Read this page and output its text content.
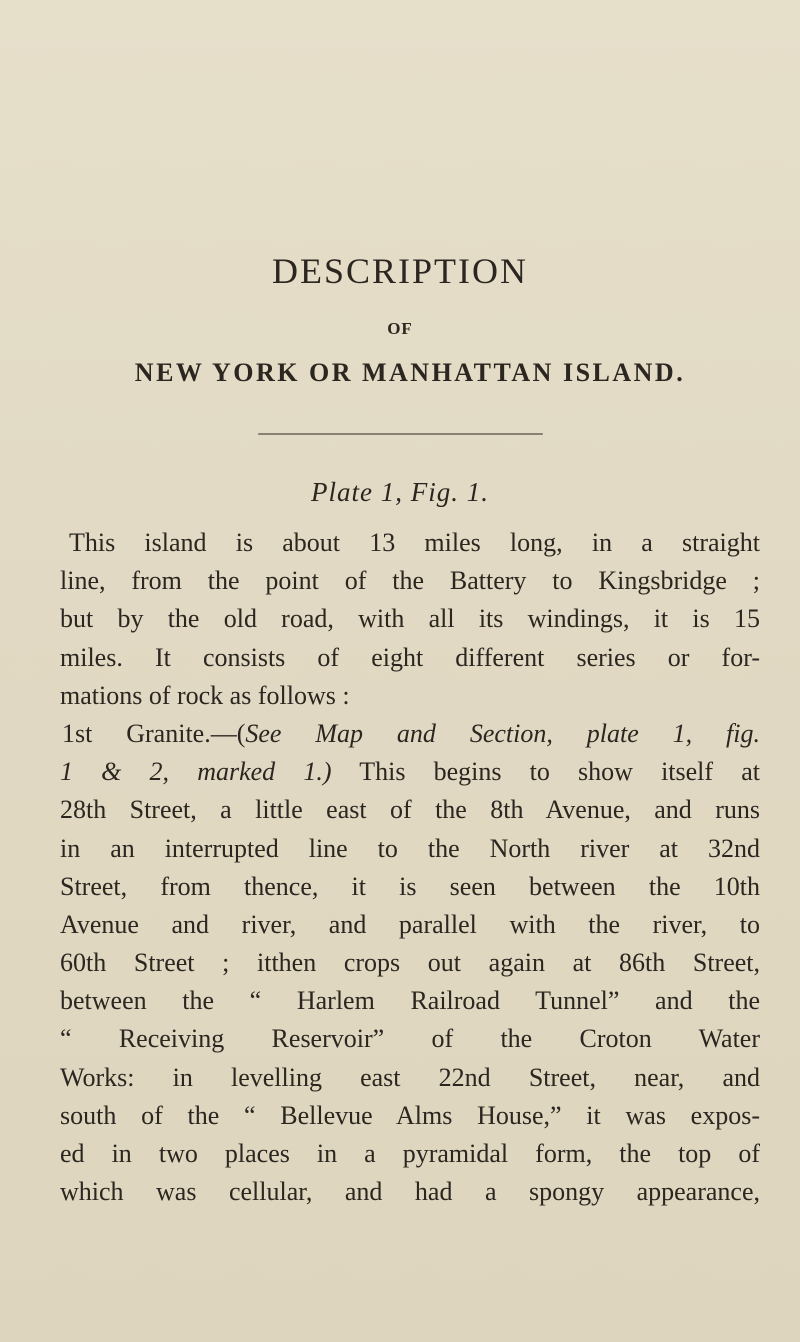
DESCRIPTION
OF
NEW YORK OR MANHATTAN ISLAND.

Plate 1, Fig. 1.

This island is about 13 miles long, in a straight
line, from the point of the Battery to Kingsbridge ;
but by the old road, with all its windings, it is 15
miles. It consists of eight different series or for-
mations of rock as follows :
1st Granite.—(See Map and Section, plate 1, fig.
1 & 2, marked 1.) This begins to show itself at
28th Street, a little east of the 8th Avenue, and runs
in an interrupted line to the North river at 32nd
Street, from thence, it is seen between the 10th
Avenue and river, and parallel with the river, to
60th Street ; itthen crops out again at 86th Street,
between the “ Harlem Railroad Tunnel” and the
“ Receiving Reservoir” of the Croton Water
Works: in levelling east 22nd Street, near, and
south of the “ Bellevue Alms House,” it was expos-
ed in two places in a pyramidal form, the top of
which was cellular, and had a spongy appearance,
